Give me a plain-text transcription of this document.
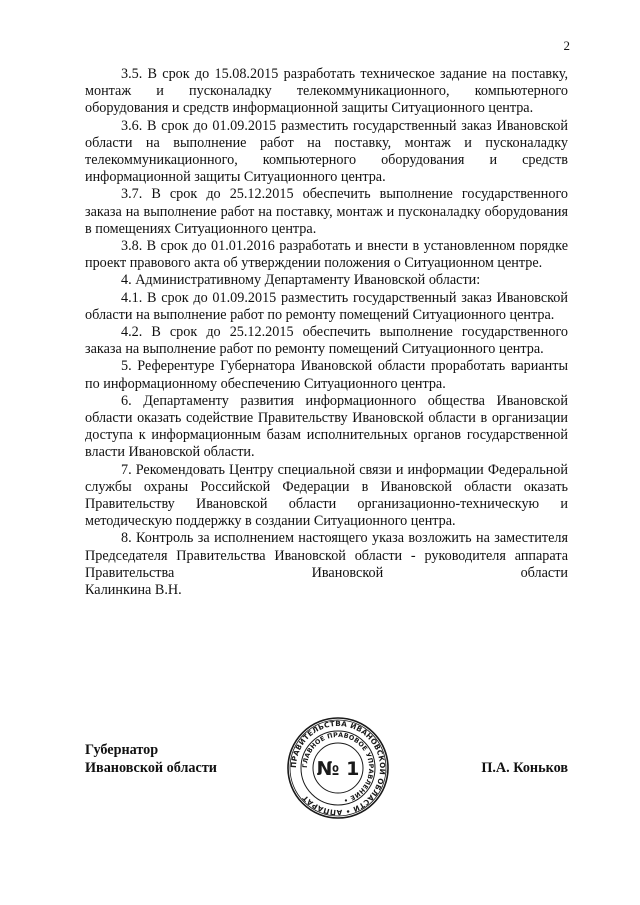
2

3.5. В срок до 15.08.2015 разработать техническое задание на поставку, монтаж и пусконаладку телекоммуникационного, компьютерного оборудования и средств информационной защиты Ситуационного центра.

3.6. В срок до 01.09.2015 разместить государственный заказ Ивановской области на выполнение работ на поставку, монтаж и пусконаладку телекоммуникационного, компьютерного оборудования и средств информационной защиты Ситуационного центра.

3.7. В срок до 25.12.2015 обеспечить выполнение государственного заказа на выполнение работ на поставку, монтаж и пусконаладку оборудования в помещениях Ситуационного центра.

3.8. В срок до 01.01.2016 разработать и внести в установленном порядке проект правового акта об утверждении положения о Ситуационном центре.

4. Административному Департаменту Ивановской области:

4.1. В срок до 01.09.2015 разместить государственный заказ Ивановской области на выполнение работ по ремонту помещений Ситуационного центра.

4.2. В срок до 25.12.2015 обеспечить выполнение государственного заказа на выполнение работ по ремонту помещений Ситуационного центра.

5. Референтуре Губернатора Ивановской области проработать варианты по информационному обеспечению Ситуационного центра.

6. Департаменту развития информационного общества Ивановской области оказать содействие Правительству Ивановской области в организации доступа к информационным базам исполнительных органов государственной власти Ивановской области.

7. Рекомендовать Центру специальной связи и информации Федеральной службы охраны Российской Федерации в Ивановской области оказать Правительству Ивановской области организационно-техническую и методическую поддержку в создании Ситуационного центра.

8. Контроль за исполнением настоящего указа возложить на заместителя Председателя Правительства Ивановской области - руководителя аппарата Правительства Ивановской области

Калинкина В.Н.

Губернатор
Ивановской области	ПРАВИТЕЛЬСТВА ИВАНОВСКОЙ ОБЛАСТИ • АППАРАТ
ГЛАВНОЕ ПРАВОВОЕ УПРАВЛЕНИЕ •
№ 1	П.А. Коньков
